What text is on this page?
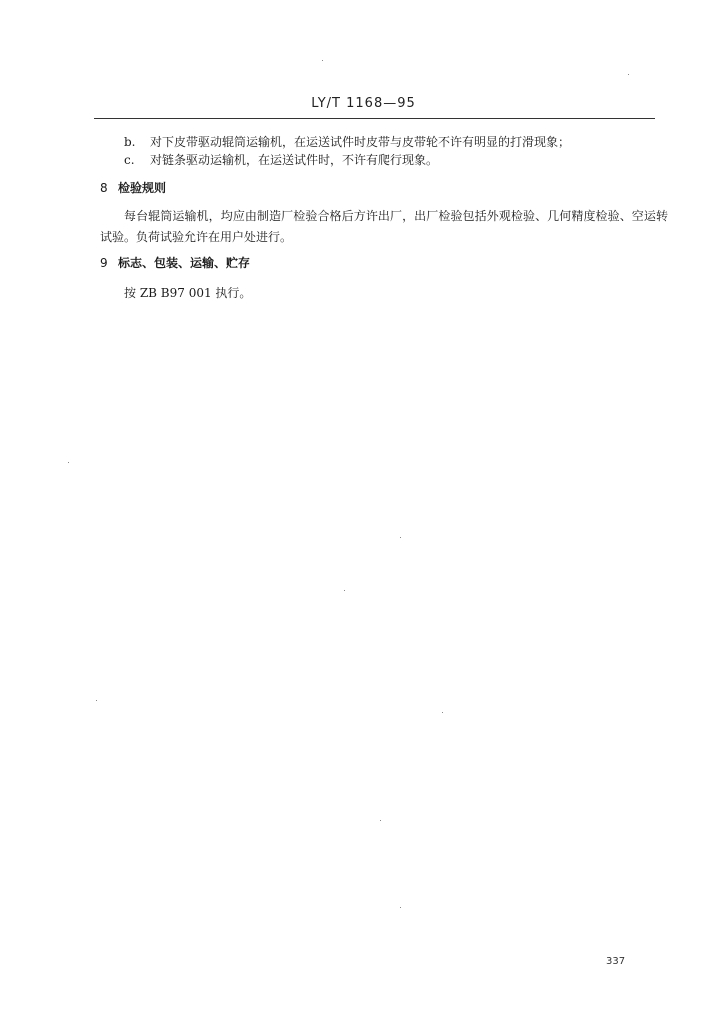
LY/T 1168—95
b. 对下皮带驱动辊筒运输机，在运送试件时皮带与皮带轮不许有明显的打滑现象；
c. 对链条驱动运输机，在运送试件时，不许有爬行现象。
8 检验规则
每台辊筒运输机，均应由制造厂检验合格后方许出厂，出厂检验包括外观检验、几何精度检验、空运转试验。负荷试验允许在用户处进行。
9 标志、包装、运输、贮存
按 ZB B97 001 执行。
337
